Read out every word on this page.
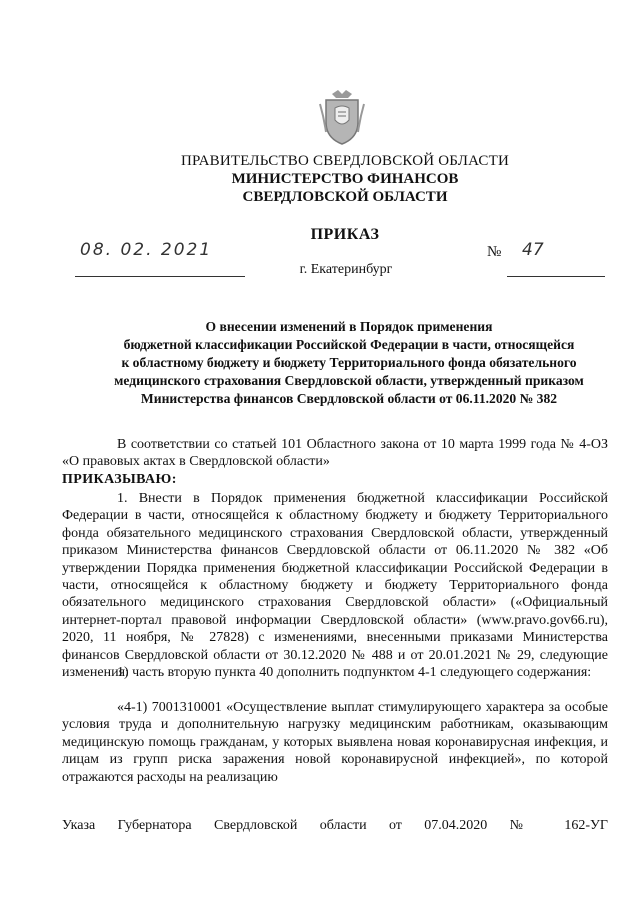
ПРАВИТЕЛЬСТВО СВЕРДЛОВСКОЙ ОБЛАСТИ
МИНИСТЕРСТВО ФИНАНСОВ
СВЕРДЛОВСКОЙ ОБЛАСТИ
ПРИКАЗ
08. 02. 2021	№ 47
г. Екатеринбург
О внесении изменений в Порядок применения
бюджетной классификации Российской Федерации в части, относящейся
к областному бюджету и бюджету Территориального фонда обязательного
медицинского страхования Свердловской области, утвержденный приказом
Министерства финансов Свердловской области от 06.11.2020 № 382

В соответствии со статьей 101 Областного закона от 10 марта 1999 года № 4-ОЗ «О правовых актах в Свердловской области»

ПРИКАЗЫВАЮ:

1. Внести в Порядок применения бюджетной классификации Российской Федерации в части, относящейся к областному бюджету и бюджету Территориального фонда обязательного медицинского страхования Свердловской области, утвержденный приказом Министерства финансов Свердловской области от 06.11.2020 № 382 «Об утверждении Порядка применения бюджетной классификации Российской Федерации в части, относящейся к областному бюджету и бюджету Территориального фонда обязательного медицинского страхования Свердловской области» («Официальный интернет-портал правовой информации Свердловской области» (www.pravo.gov66.ru), 2020, 11 ноября, № 27828) с изменениями, внесенными приказами Министерства финансов Свердловской области от 30.12.2020 № 488 и от 20.01.2021 № 29, следующие изменения:

1) часть вторую пункта 40 дополнить подпунктом 4-1 следующего содержания:

«4-1) 7001310001 «Осуществление выплат стимулирующего характера за особые условия труда и дополнительную нагрузку медицинским работникам, оказывающим медицинскую помощь гражданам, у которых выявлена новая коронавирусная инфекция, и лицам из групп риска заражения новой коронавирусной инфекцией», по которой отражаются расходы на реализацию

Указа Губернатора Свердловской области от 07.04.2020 № 162-УГ
